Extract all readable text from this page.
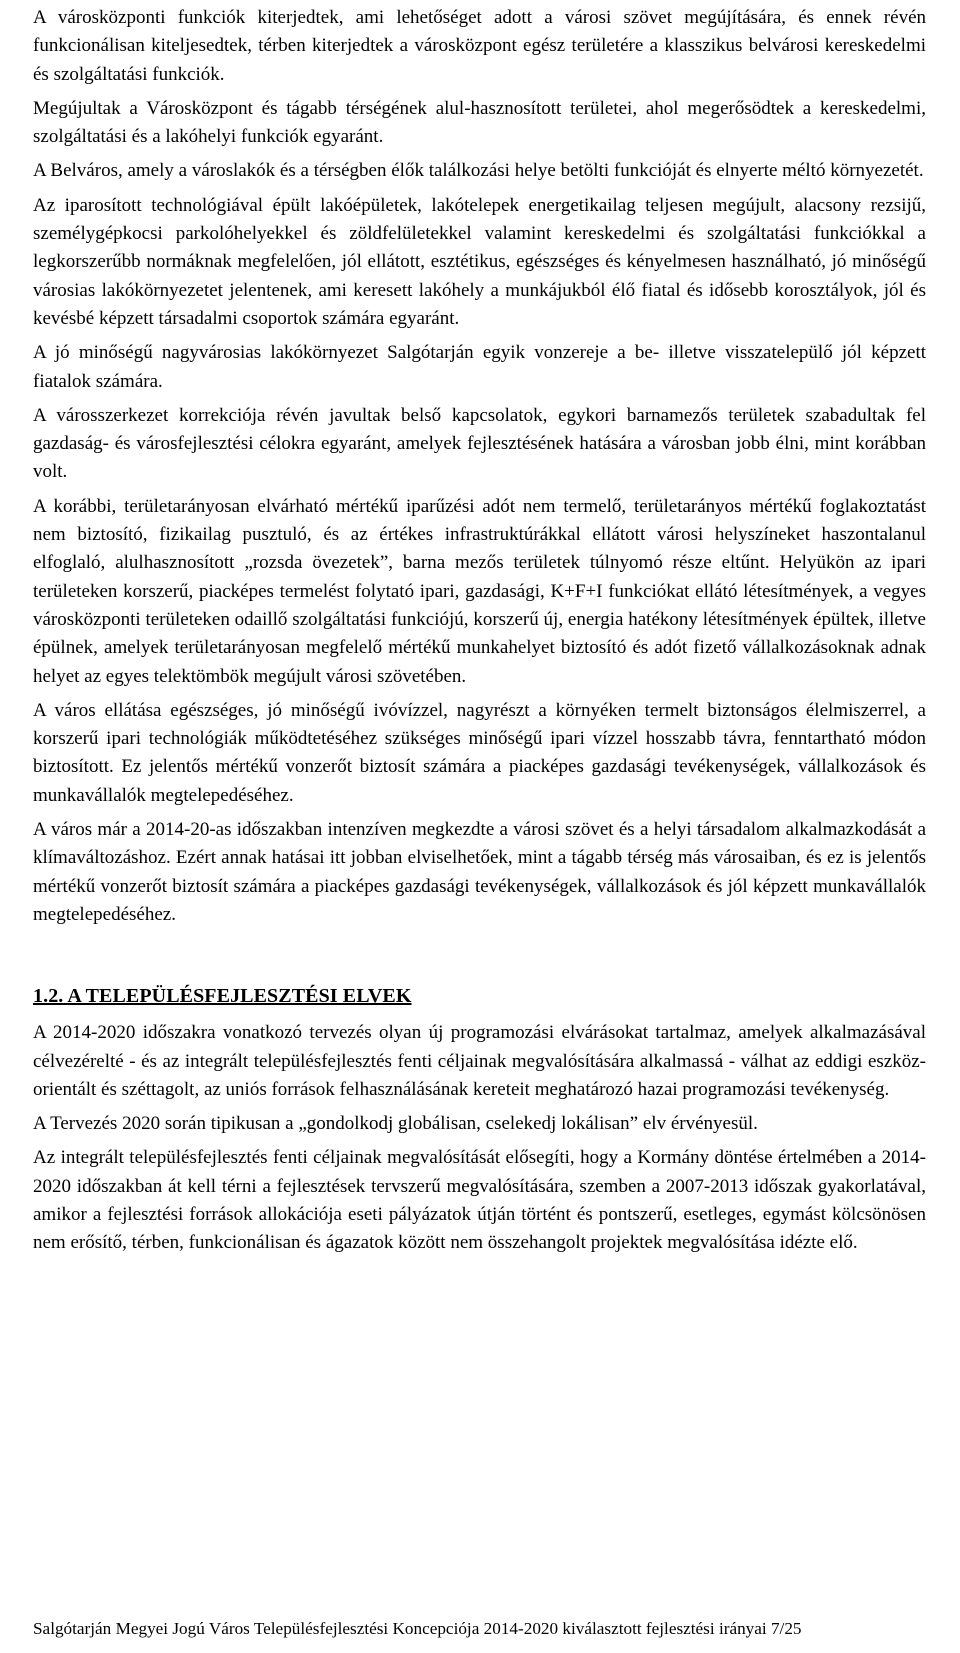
A városközponti funkciók kiterjedtek, ami lehetőséget adott a városi szövet megújítására, és ennek révén funkcionálisan kiteljesedtek, térben kiterjedtek a városközpont egész területére a klasszikus belvárosi kereskedelmi és szolgáltatási funkciók.

Megújultak a Városközpont és tágabb térségének alul-hasznosított területei, ahol megerősödtek a kereskedelmi, szolgáltatási és a lakóhelyi funkciók egyaránt.

A Belváros, amely a városlakók és a térségben élők találkozási helye betölti funkcióját és elnyerte méltó környezetét.

Az iparosított technológiával épült lakóépületek, lakótelepek energetikailag teljesen megújult, alacsony rezsijű, személygépkocsi parkolóhelyekkel és zöldfelületekkel valamint kereskedelmi és szolgáltatási funkciókkal a legkorszerűbb normáknak megfelelően, jól ellátott, esztétikus, egészséges és kényelmesen használható, jó minőségű városias lakókörnyezetet jelentenek, ami keresett lakóhely a munkájukból élő fiatal és idősebb korosztályok, jól és kevésbé képzett társadalmi csoportok számára egyaránt.

A jó minőségű nagyvárosias lakókörnyezet Salgótarján egyik vonzereje a be- illetve visszatelepülő jól képzett fiatalok számára.

A városszerkezet korrekciója révén javultak belső kapcsolatok, egykori barnamezős területek szabadultak fel gazdaság- és városfejlesztési célokra egyaránt, amelyek fejlesztésének hatására a városban jobb élni, mint korábban volt.

A korábbi, területarányosan elvárható mértékű iparűzési adót nem termelő, területarányos mértékű foglakoztatást nem biztosító, fizikailag pusztuló, és az értékes infrastruktúrákkal ellátott városi helyszíneket haszontalanul elfoglaló, alulhasznosított „rozsda övezetek”, barna mezős területek túlnyomó része eltűnt. Helyükön az ipari területeken korszerű, piacképes termelést folytató ipari, gazdasági, K+F+I funkciókat ellátó létesítmények, a vegyes városközponti területeken odaillő szolgáltatási funkciójú, korszerű új, energia hatékony létesítmények épültek, illetve épülnek, amelyek területarányosan megfelelő mértékű munkahelyet biztosító és adót fizető vállalkozásoknak adnak helyet az egyes telektömbök megújult városi szövetében.

A város ellátása egészséges, jó minőségű ivóvízzel, nagyrészt a környéken termelt biztonságos élelmiszerrel, a korszerű ipari technológiák működtetéséhez szükséges minőségű ipari vízzel hosszabb távra, fenntartható módon biztosított. Ez jelentős mértékű vonzerőt biztosít számára a piacképes gazdasági tevékenységek, vállalkozások és munkavállalók megtelepedéséhez.

A város már a 2014-20-as időszakban intenzíven megkezdte a városi szövet és a helyi társadalom alkalmazkodását a klímaváltozáshoz. Ezért annak hatásai itt jobban elviselhetőek, mint a tágabb térség más városaiban, és ez is jelentős mértékű vonzerőt biztosít számára a piacképes gazdasági tevékenységek, vállalkozások és jól képzett munkavállalók megtelepedéséhez.

1.2. A TELEPÜLÉSFEJLESZTÉSI ELVEK

A 2014-2020 időszakra vonatkozó tervezés olyan új programozási elvárásokat tartalmaz, amelyek alkalmazásával célvezérelté - és az integrált településfejlesztés fenti céljainak megvalósítására alkalmassá - válhat az eddigi eszköz-orientált és széttagolt, az uniós források felhasználásának kereteit meghatározó hazai programozási tevékenység.

A Tervezés 2020 során tipikusan a „gondolkodj globálisan, cselekedj lokálisan” elv érvényesül.

Az integrált településfejlesztés fenti céljainak megvalósítását elősegíti, hogy a Kormány döntése értelmében a 2014-2020 időszakban át kell térni a fejlesztések tervszerű megvalósítására, szemben a 2007-2013 időszak gyakorlatával, amikor a fejlesztési források allokációja eseti pályázatok útján történt és pontszerű, esetleges, egymást kölcsönösen nem erősítő, térben, funkcionálisan és ágazatok között nem összehangolt projektek megvalósítása idézte elő.

Salgótarján Megyei Jogú Város Településfejlesztési Koncepciója 2014-2020 kiválasztott fejlesztési irányai 7/25
